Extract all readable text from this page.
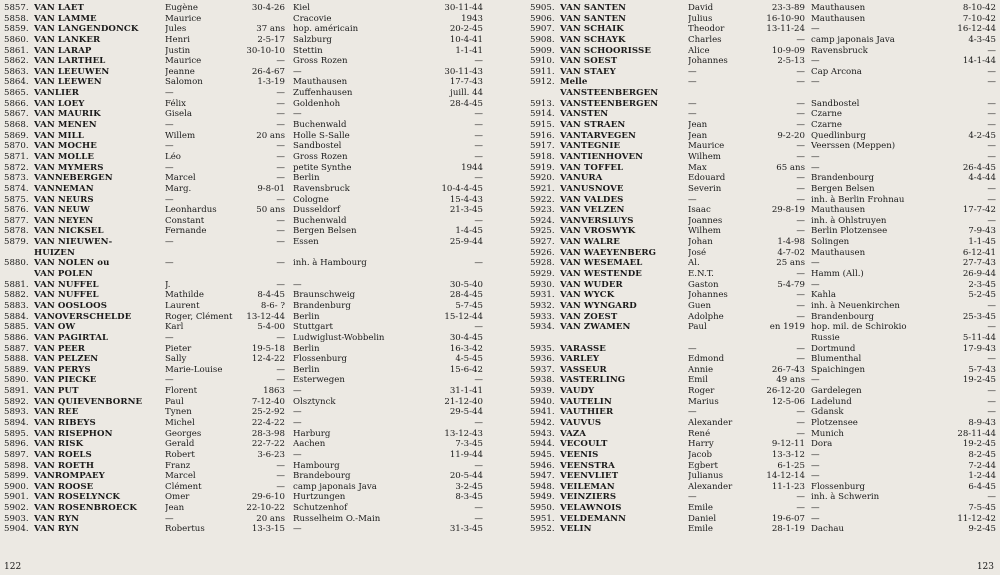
5857. VAN LAET	Eugène	30-4-26 Kiel	30-11-44
5858. VAN LAMME	Maurice	Cracovie	1943
5859. VAN LANGENDONCK	Jules	37 ans hop. américain	20-2-45
5860. VAN LANKER	Henri	2-5-17 Salzburg	10-4-41
5861. VAN LARAP	Justin	30-10-10 Stettin	1-1-41
5862. VAN LARTHEL	Maurice	— Gross Rozen	—
5863. VAN LEEUWEN	Jeanne	26-4-67 —	30-11-43
5864. VAN LEEWEN	Salomon	1-3-19 Mauthausen	17-7-43
5865. VANLIER	—	— Zuffenhausen	juill. 44
5866. VAN LOEY	Félix	— Goldenhoh	28-4-45
5867. VAN MAURIK	Gisela	— —	—
5868. VAN MENEN	—	— Buchenwald	—
5869. VAN MILL	Willem	20 ans Holle S-Salle	—
5870. VAN MOCHE	—	— Sandbostel	—
5871. VAN MOLLE	Léo	— Gross Rozen	—
5872. VAN MYMERS	—	— petite Synthe	1944
5873. VANNEBERGEN	Marcel	— Berlin	—
5874. VANNEMAN	Marg.	9-8-01 Ravensbruck	10-4-4-45
5875. VAN NEURS	—	— Cologne	15-4-43
5876. VAN NEUW	Leonhardus	50 ans Dusseldorf	21-3-45
5877. VAN NEYEN	Constant	— Buchenwald	—
5878. VAN NICKSEL	Fernande	— Bergen Belsen	1-4-45
5879. VAN NIEUWEN-	—	— Essen	25-9-44
HUIZEN
5880. VAN NOLEN ou	—	— inh. à Hambourg	—
VAN POLEN
5881. VAN NUFFEL	J.	— —	30-5-40
5882. VAN NUFFEL	Mathilde	8-4-45 Braunschweig	28-4-45
5883. VAN OOSLOOS	Laurent	8-6- ? Brandenburg	5-7-45
5884. VANOVERSCHELDE	Roger, Clément	13-12-44 Berlin	15-12-44
5885. VAN OW	Karl	5-4-00 Stuttgart	—
5886. VAN PAGIRTAL	—	— Ludwiglust-Wobbelin	30-4-45
5887. VAN PEER	Pieter	19-5-18 Berlin	16-3-42
5888. VAN PELZEN	Sally	12-4-22 Flossenburg	4-5-45
5889. VAN PERYS	Marie-Louise	— Berlin	15-6-42
5890. VAN PIECKE	—	— Esterwegen	—
5891. VAN PUT	Florent	1863 —	31-1-41
5892. VAN QUIEVENBORNE	Paul	7-12-40 Olsztynck	21-12-40
5893. VAN REE	Tynen	25-2-92 —	29-5-44
5894. VAN RIBEYS	Michel	22-4-22 —	—
5895. VAN RISEPHON	Georges	28-3-98 Harburg	13-12-43
5896. VAN RISK	Gerald	22-7-22 Aachen	7-3-45
5897. VAN ROELS	Robert	3-6-23 —	11-9-44
5898. VAN ROETH	Franz	— Hambourg	—
5899. VANROMPAEY	Marcel	— Brandebourg	20-5-44
5900. VAN ROOSE	Clément	— camp japonais Java	3-2-45
5901. VAN ROSELYNCK	Omer	29-6-10 Hurtzungen	8-3-45
5902. VAN ROSENBROECK	Jean	22-10-22 Schutzenhof	—
5903. VAN RYN	—	20 ans Russelheim O.-Main	—
5904. VAN RYN	Robertus	13-3-15 —	31-3-45
122
5905. VAN SANTEN	David	23-3-89 Mauthausen	8-10-42
5906. VAN SANTEN	Julius	16-10-90 Mauthausen	7-10-42
5907. VAN SCHAIK	Theodor	13-11-24 —	16-12-44
5908. VAN SCHAYK	Charles	— camp japonais Java	4-3-45
5909. VAN SCHOORISSE	Alice	10-9-09 Ravensbruck	—
5910. VAN SOEST	Johannes	2-5-13 —	14-1-44
5911. VAN STAEY	—	— Cap Arcona	—
5912. Melle	—	— —	—
VANSTEENBERGEN
5913. VANSTEENBERGEN	—	— Sandbostel	—
5914. VANSTEN	—	— Czarne	—
5915. VAN STRAEN	Jean	— Czarne	—
5916. VANTARVEGEN	Jean	9-2-20 Quedlinburg	4-2-45
5917. VANTEGNIE	Maurice	— Veerssen (Meppen)	—
5918. VANTIENHOVEN	Wilhem	— —	—
5919. VAN TOFFEL	Max	65 ans —	26-4-45
5920. VANURA	Edouard	— Brandenbourg	4-4-44
5921. VANUSNOVE	Severin	— Bergen Belsen	—
5922. VAN VALDES	—	— inh. à Berlin Frohnau	—
5923. VAN VELZEN	Isaac	29-8-19 Mauthausen	17-7-42
5924. VANVERSLUYS	Joannes	— inh. à Ohlstruyen	—
5925. VAN VROSWYK	Wilhem	— Berlin Plotzensee	7-9-43
5927. VAN WALRE	Johan	1-4-98 Solingen	1-1-45
5926. VAN WAEYENBERG	José	4-7-02 Mauthausen	6-12-41
5928. VAN WESEMAEL	Al.	25 ans —	27-7-43
5929. VAN WESTENDE	E.N.T.	— Hamm (All.)	26-9-44
5930. VAN WUDER	Gaston	5-4-79 —	2-3-45
5931. VAN WYCK	Johannes	— Kahla	5-2-45
5932. VAN WYNGARD	Guen	— inh. à Neuenkirchen	—
5933. VAN ZOEST	Adolphe	— Brandenbourg	25-3-45
5934. VAN ZWAMEN	Paul	en 1919 hop. mil. de Schirokio	—
Russie	5-11-44
5935. VARASSE	—	— Dortmund	17-9-43
5936. VARLEY	Edmond	— Blumenthal	—
5937. VASSEUR	Annie	26-7-43 Spaichingen	5-7-43
5938. VASTERLING	Emil	49 ans —	19-2-45
5939. VAUDY	Roger	26-12-20 Gardelegen	—
5940. VAUTELIN	Marius	12-5-06 Ladelund	—
5941. VAUTHIER	—	— Gdansk	—
5942. VAUVUS	Alexander	— Plotzensee	8-9-43
5943. VAZA	René	— Munich	28-11-44
5944. VECOULT	Harry	9-12-11 Dora	19-2-45
5945. VEENIS	Jacob	13-3-12 —	8-2-45
5946. VEENSTRA	Egbert	6-1-25 —	7-2-44
5947. VEENVLIET	Julianus	14-12-14 —	1-2-44
5948. VEILEMAN	Alexander	11-1-23 Flossenburg	6-4-45
5949. VEINZIERS	—	— inh. à Schwerin	—
5950. VELAWNOIS	Emile	— —	7-5-45
5951. VELDEMANN	Daniel	19-6-07 —	11-12-42
5952. VELIN	Emile	28-1-19 Dachau	9-2-45
123
